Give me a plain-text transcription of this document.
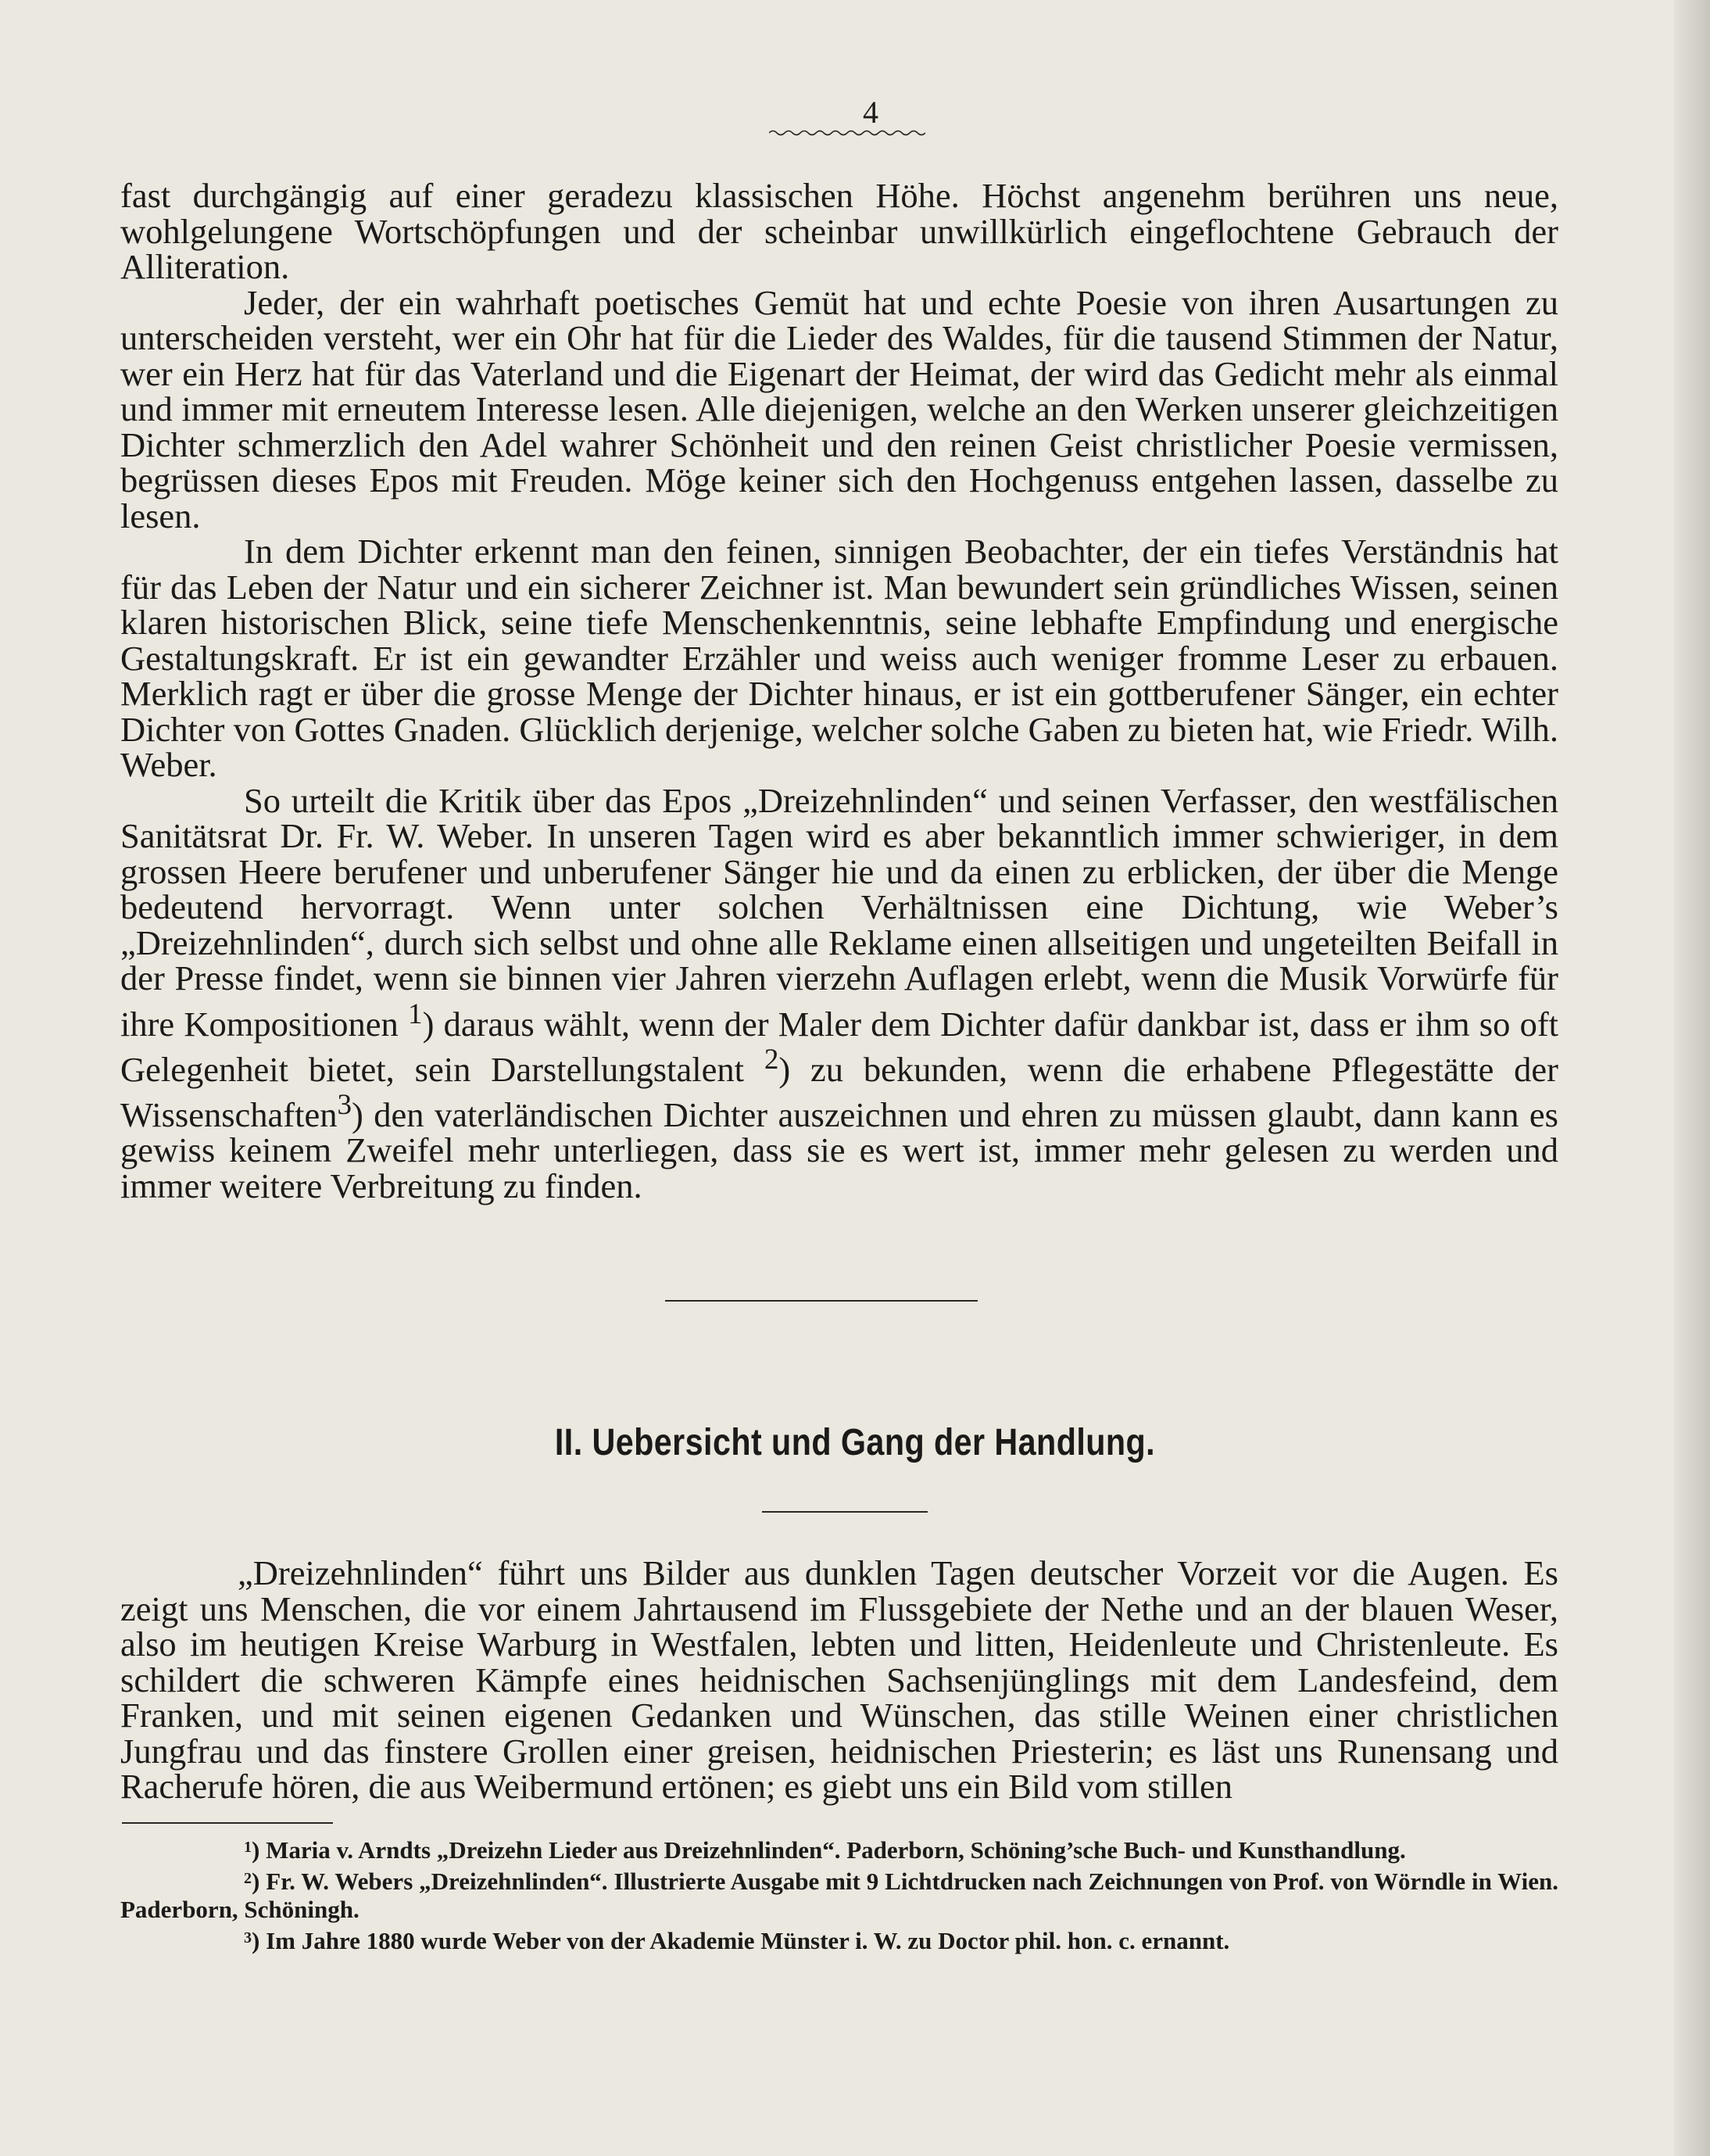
4

fast durchgängig auf einer geradezu klassischen Höhe. Höchst angenehm berühren uns neue, wohlgelungene Wortschöpfungen und der scheinbar unwillkürlich eingeflochtene Gebrauch der Alliteration.

Jeder, der ein wahrhaft poetisches Gemüt hat und echte Poesie von ihren Ausartungen zu unterscheiden versteht, wer ein Ohr hat für die Lieder des Waldes, für die tausend Stimmen der Natur, wer ein Herz hat für das Vaterland und die Eigenart der Heimat, der wird das Gedicht mehr als einmal und immer mit erneutem Interesse lesen. Alle diejenigen, welche an den Werken unserer gleichzeitigen Dichter schmerzlich den Adel wahrer Schönheit und den reinen Geist christlicher Poesie vermissen, begrüssen dieses Epos mit Freuden. Möge keiner sich den Hochgenuss entgehen lassen, dasselbe zu lesen.

In dem Dichter erkennt man den feinen, sinnigen Beobachter, der ein tiefes Verständnis hat für das Leben der Natur und ein sicherer Zeichner ist. Man bewundert sein gründliches Wissen, seinen klaren historischen Blick, seine tiefe Menschenkenntnis, seine lebhafte Empfindung und energische Gestaltungskraft. Er ist ein gewandter Erzähler und weiss auch weniger fromme Leser zu erbauen. Merklich ragt er über die grosse Menge der Dichter hinaus, er ist ein gottberufener Sänger, ein echter Dichter von Gottes Gnaden. Glücklich derjenige, welcher solche Gaben zu bieten hat, wie Friedr. Wilh. Weber.

So urteilt die Kritik über das Epos „Dreizehnlinden“ und seinen Verfasser, den westfälischen Sanitätsrat Dr. Fr. W. Weber. In unseren Tagen wird es aber bekanntlich immer schwieriger, in dem grossen Heere berufener und unberufener Sänger hie und da einen zu erblicken, der über die Menge bedeutend hervorragt. Wenn unter solchen Verhältnissen eine Dichtung, wie Weber’s „Dreizehnlinden“, durch sich selbst und ohne alle Reklame einen allseitigen und ungeteilten Beifall in der Presse findet, wenn sie binnen vier Jahren vierzehn Auflagen erlebt, wenn die Musik Vorwürfe für ihre Kompositionen $^1$) daraus wählt, wenn der Maler dem Dichter dafür dankbar ist, dass er ihm so oft Gelegenheit bietet, sein Darstellungstalent $^2$) zu bekunden, wenn die erhabene Pflegestätte der Wissenschaften$^3$) den vaterländischen Dichter auszeichnen und ehren zu müssen glaubt, dann kann es gewiss keinem Zweifel mehr unterliegen, dass sie es wert ist, immer mehr gelesen zu werden und immer weitere Verbreitung zu finden.

II. Uebersicht und Gang der Handlung.

„Dreizehnlinden“ führt uns Bilder aus dunklen Tagen deutscher Vorzeit vor die Augen. Es zeigt uns Menschen, die vor einem Jahrtausend im Flussgebiete der Nethe und an der blauen Weser, also im heutigen Kreise Warburg in Westfalen, lebten und litten, Heidenleute und Christenleute. Es schildert die schweren Kämpfe eines heidnischen Sachsenjünglings mit dem Landesfeind, dem Franken, und mit seinen eigenen Gedanken und Wünschen, das stille Weinen einer christlichen Jungfrau und das finstere Grollen einer greisen, heidnischen Priesterin; es läst uns Runensang und Racherufe hören, die aus Weibermund ertönen; es giebt uns ein Bild vom stillen

$^1$) Maria v. Arndts „Dreizehn Lieder aus Dreizehnlinden“. Paderborn, Schöning’sche Buch- und Kunsthandlung.

$^2$) Fr. W. Webers „Dreizehnlinden“. Illustrierte Ausgabe mit 9 Lichtdrucken nach Zeichnungen von Prof. von Wörndle in Wien. Paderborn, Schöningh.

$^3$) Im Jahre 1880 wurde Weber von der Akademie Münster i. W. zu Doctor phil. hon. c. ernannt.
